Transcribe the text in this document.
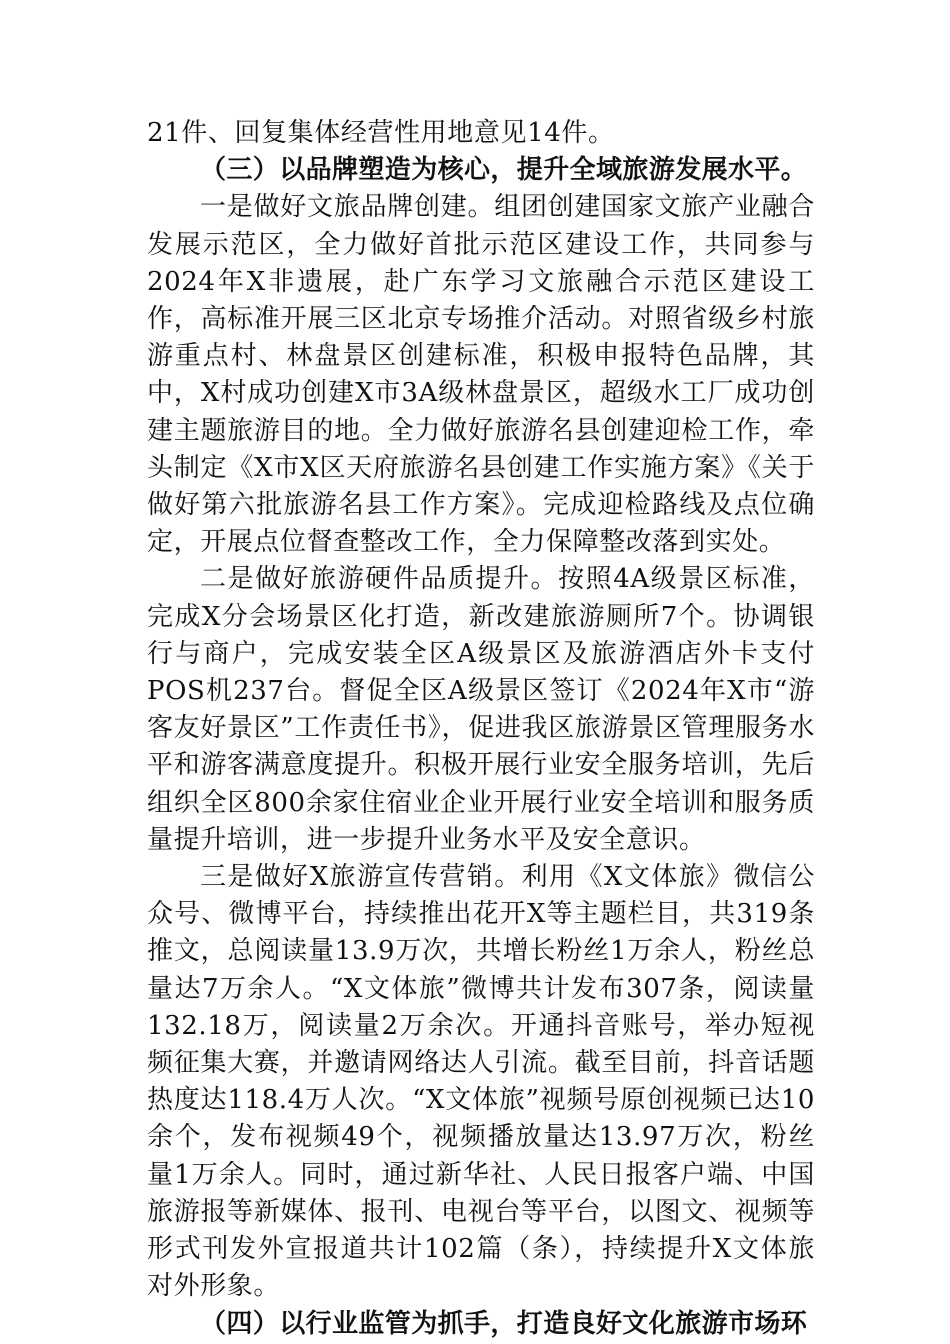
21件、回复集体经营性用地意见14件。

（三）以品牌塑造为核心，提升全域旅游发展水平。

一是做好文旅品牌创建。组团创建国家文旅产业融合发展示范区，全力做好首批示范区建设工作，共同参与2024年X非遗展，赴广东学习文旅融合示范区建设工作，高标准开展三区北京专场推介活动。对照省级乡村旅游重点村、林盘景区创建标准，积极申报特色品牌，其中，X村成功创建X市3A级林盘景区，超级水工厂成功创建主题旅游目的地。全力做好旅游名县创建迎检工作，牵头制定《X市X区天府旅游名县创建工作实施方案》《关于做好第六批旅游名县工作方案》。完成迎检路线及点位确定，开展点位督查整改工作，全力保障整改落到实处。

二是做好旅游硬件品质提升。按照4A级景区标准，完成X分会场景区化打造，新改建旅游厕所7个。协调银行与商户，完成安装全区A级景区及旅游酒店外卡支付POS机237台。督促全区A级景区签订《2024年X市“游客友好景区”工作责任书》，促进我区旅游景区管理服务水平和游客满意度提升。积极开展行业安全服务培训，先后组织全区800余家住宿业企业开展行业安全培训和服务质量提升培训，进一步提升业务水平及安全意识。

三是做好X旅游宣传营销。利用《X文体旅》微信公众号、微博平台，持续推出花开X等主题栏目，共319条推文，总阅读量13.9万次，共增长粉丝1万余人，粉丝总量达7万余人。“X文体旅”微博共计发布307条，阅读量132.18万，阅读量2万余次。开通抖音账号，举办短视频征集大赛，并邀请网络达人引流。截至目前，抖音话题热度达118.4万人次。“X文体旅”视频号原创视频已达10余个，发布视频49个，视频播放量达13.97万次，粉丝量1万余人。同时，通过新华社、人民日报客户端、中国旅游报等新媒体、报刊、电视台等平台，以图文、视频等形式刊发外宣报道共计102篇（条），持续提升X文体旅对外形象。

（四）以行业监管为抓手，打造良好文化旅游市场环
